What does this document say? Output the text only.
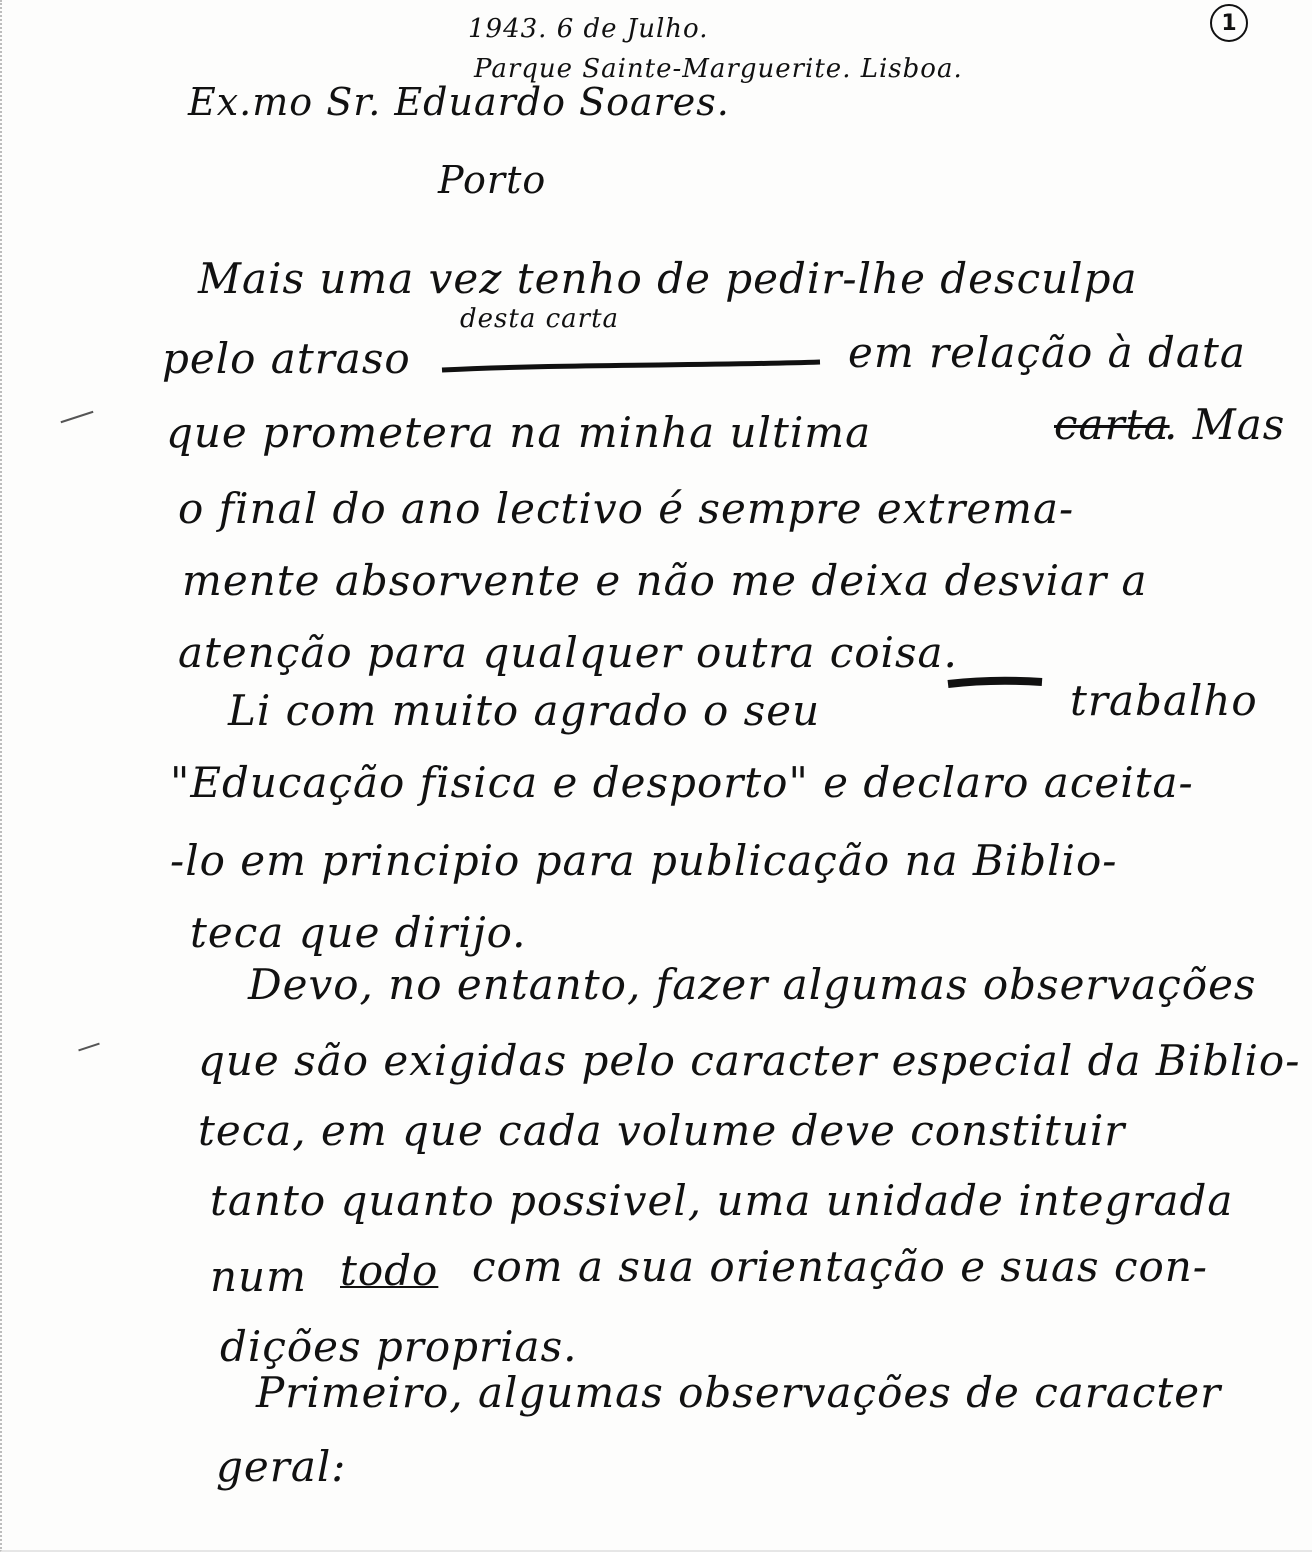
1943. 6 de Julho.
Parque Sainte-Marguerite. Lisboa.
1
Ex.mo Sr. Eduardo Soares.
Porto
Mais uma vez tenho de pedir-lhe desculpa
pelo atraso
desta carta
em relação à data
que prometera na minha ultima	carta
. Mas
o final do ano lectivo é sempre extrema-
mente absorvente e não me deixa desviar a
atenção para qualquer outra coisa.
Li com muito agrado o seu	trabalho
"Educação fisica e desporto" e declaro aceita-
-lo em principio para publicação na Biblio-
teca que dirijo.
Devo, no entanto, fazer algumas observações
que são exigidas pelo caracter especial da Biblio-
teca, em que cada volume deve constituir
tanto quanto possivel, uma unidade integrada
num todo com a sua orientação e suas con-
dições proprias.
Primeiro, algumas observações de caracter
geral:
